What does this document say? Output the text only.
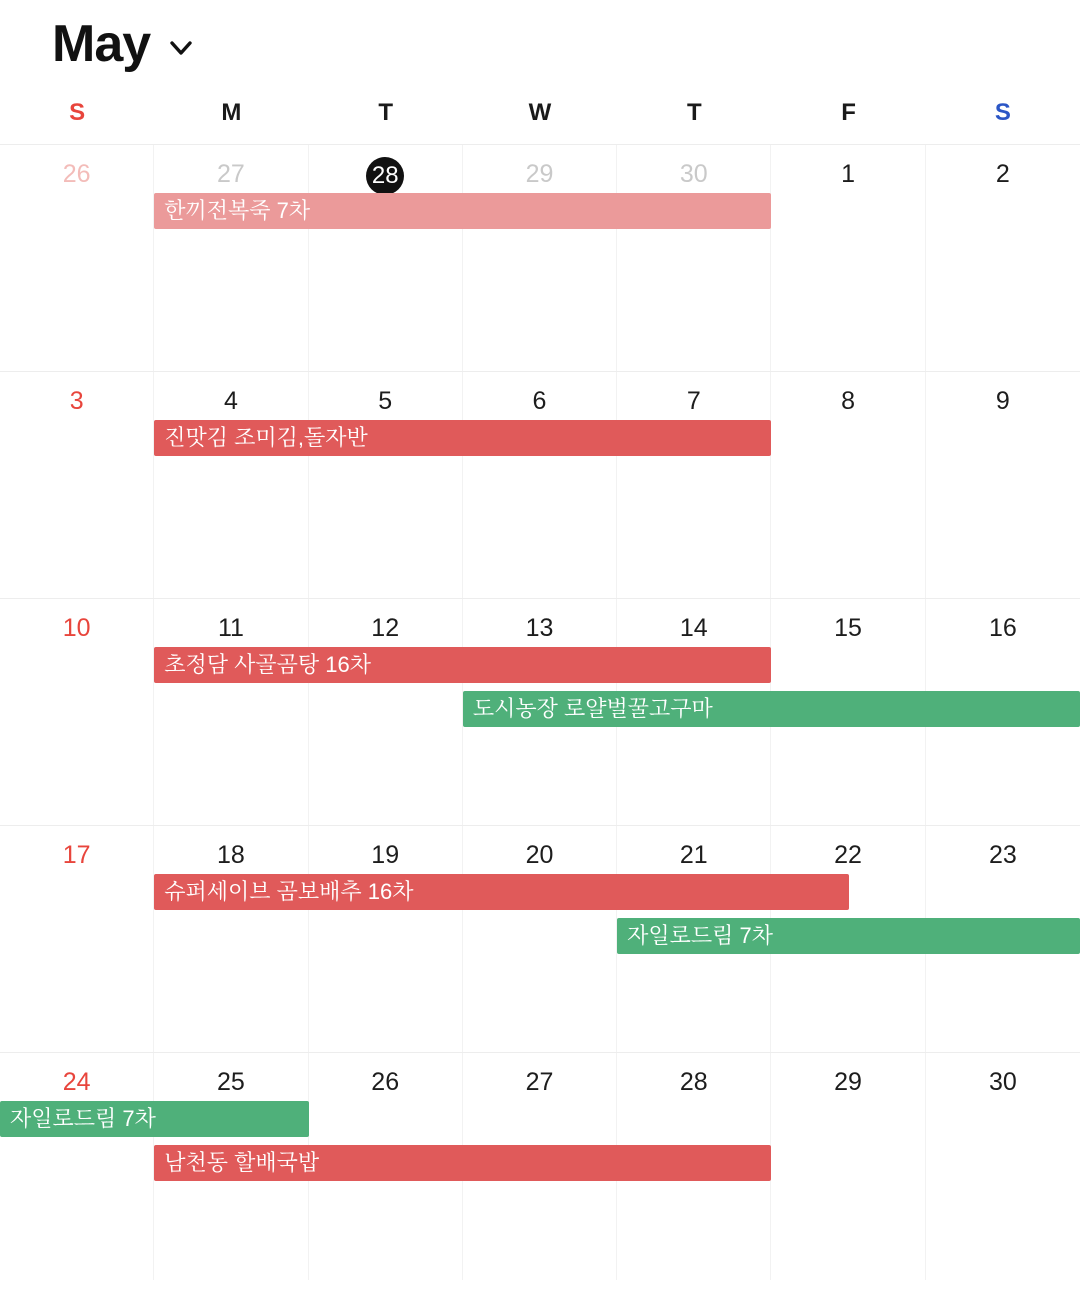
May
S	M	T	W	T	F	S
26	27	28	29	30	1	2
한끼전복죽 7차
3	4	5	6	7	8	9
진맛김 조미김,돌자반
10	11	12	13	14	15	16
초정담 사골곰탕 16차
도시농장 로얄벌꿀고구마
17	18	19	20	21	22	23
슈퍼세이브 곰보배추 16차
자일로드림 7차
24	25	26	27	28	29	30
자일로드림 7차
남천동 할배국밥
